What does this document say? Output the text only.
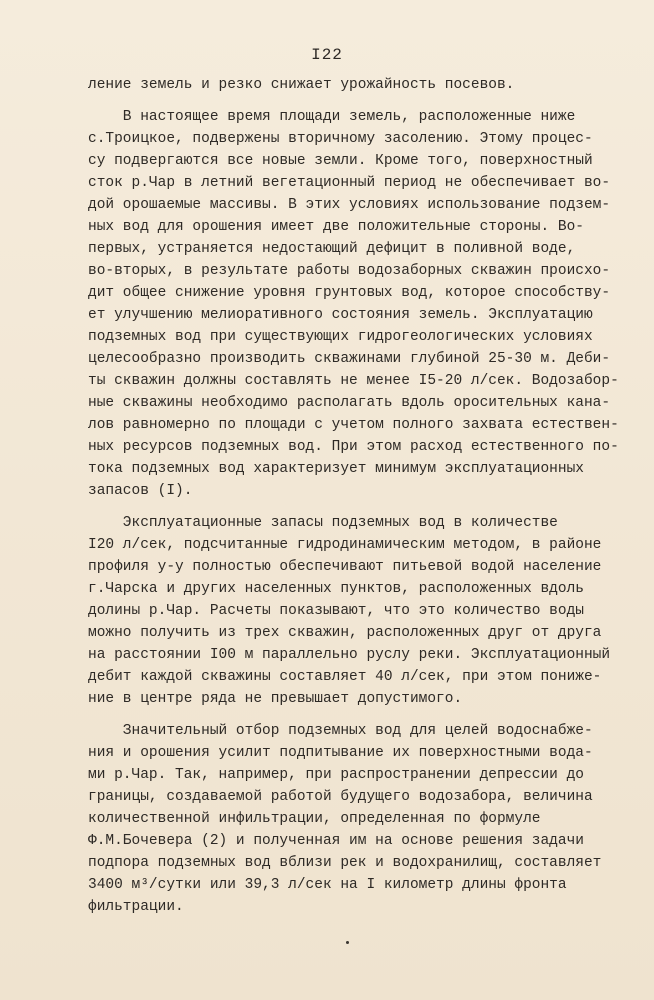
I22
ление земель и резко снижает урожайность посевов.
В настоящее время площади земель, расположенные ниже
с.Троицкое, подвержены вторичному засолению. Этому процес-
су подвергаются все новые земли. Кроме того, поверхностный
сток р.Чар в летний вегетационный период не обеспечивает во-
дой орошаемые массивы. В этих условиях использование подзем-
ных вод для орошения имеет две положительные стороны. Во-
первых, устраняется недостающий дефицит в поливной воде,
во-вторых, в результате работы водозаборных скважин происхо-
дит общее снижение уровня грунтовых вод, которое способству-
ет улучшению мелиоративного состояния земель. Эксплуатацию
подземных вод при существующих гидрогеологических условиях
целесообразно производить скважинами глубиной 25-30 м. Деби-
ты скважин должны составлять не менее I5-20 л/сек. Водозабор-
ные скважины необходимо располагать вдоль оросительных кана-
лов равномерно по площади с учетом полного захвата естествен-
ных ресурсов подземных вод. При этом расход естественного по-
тока подземных вод характеризует минимум эксплуатационных
запасов (I).
Эксплуатационные запасы подземных вод в количестве
I20 л/сек, подсчитанные гидродинамическим методом, в районе
профиля у-у полностью обеспечивают питьевой водой население
г.Чарска и других населенных пунктов, расположенных вдоль
долины р.Чар. Расчеты показывают, что это количество воды
можно получить из трех скважин, расположенных друг от друга
на расстоянии I00 м параллельно руслу реки. Эксплуатационный
дебит каждой скважины составляет 40 л/сек, при этом пониже-
ние в центре ряда не превышает допустимого.
Значительный отбор подземных вод для целей водоснабже-
ния и орошения усилит подпитывание их поверхностными вода-
ми р.Чар. Так, например, при распространении депрессии до
границы, создаваемой работой будущего водозабора, величина
количественной инфильтрации, определенная по формуле
Ф.М.Бочевера (2) и полученная им на основе решения задачи
подпора подземных вод вблизи рек и водохранилищ, составляет
3400 м³/сутки или 39,3 л/сек на I километр длины фронта
фильтрации.
